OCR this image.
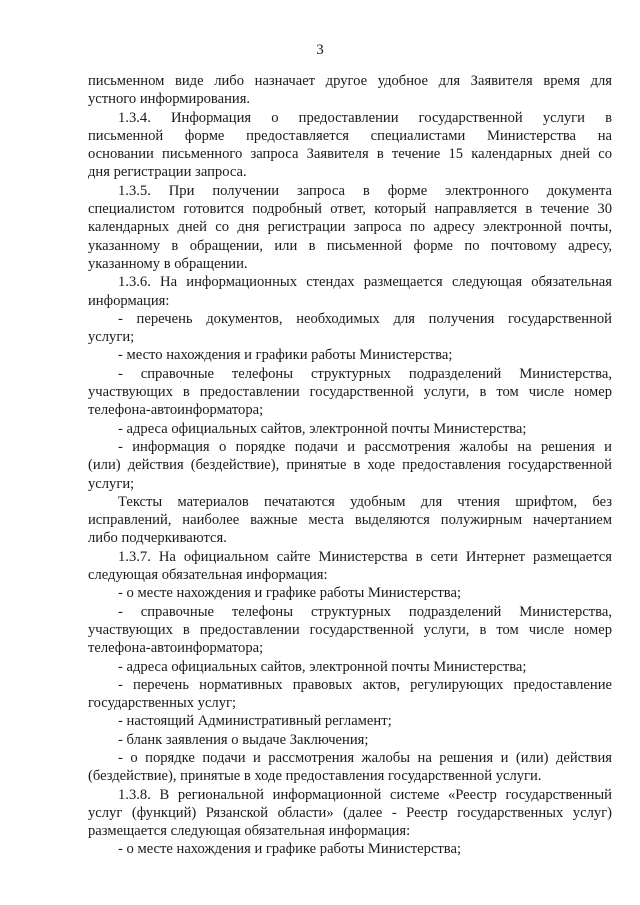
3
письменном виде либо назначает другое удобное для Заявителя время для
устного информирования.
1.3.4. Информация о предоставлении государственной услуги в
письменной форме предоставляется специалистами Министерства на
основании письменного запроса Заявителя в течение 15 календарных дней со
дня регистрации запроса.
1.3.5. При получении запроса в форме электронного документа
специалистом готовится подробный ответ, который направляется в течение 30
календарных дней со дня регистрации запроса по адресу электронной почты,
указанному в обращении, или в письменной форме по почтовому адресу,
указанному в обращении.
1.3.6. На информационных стендах размещается следующая обязательная
информация:
- перечень документов, необходимых для получения государственной
услуги;
- место нахождения и графики работы Министерства;
- справочные телефоны структурных подразделений Министерства,
участвующих в предоставлении государственной услуги, в том числе номер
телефона-автоинформатора;
- адреса официальных сайтов, электронной почты Министерства;
- информация о порядке подачи и рассмотрения жалобы на решения и
(или) действия (бездействие), принятые в ходе предоставления государственной
услуги;
Тексты материалов печатаются удобным для чтения шрифтом, без
исправлений, наиболее важные места выделяются полужирным начертанием
либо подчеркиваются.
1.3.7. На официальном сайте Министерства в сети Интернет размещается
следующая обязательная информация:
- о месте нахождения и графике работы Министерства;
- справочные телефоны структурных подразделений Министерства,
участвующих в предоставлении государственной услуги, в том числе номер
телефона-автоинформатора;
- адреса официальных сайтов, электронной почты Министерства;
- перечень нормативных правовых актов, регулирующих предоставление
государственных услуг;
- настоящий Административный регламент;
- бланк заявления о выдаче Заключения;
- о порядке подачи и рассмотрения жалобы на решения и (или) действия
(бездействие), принятые в ходе предоставления государственной услуги.
1.3.8. В региональной информационной системе «Реестр государственный
услуг (функций) Рязанской области» (далее - Реестр государственных услуг)
размещается следующая обязательная информация:
- о месте нахождения и графике работы Министерства;
